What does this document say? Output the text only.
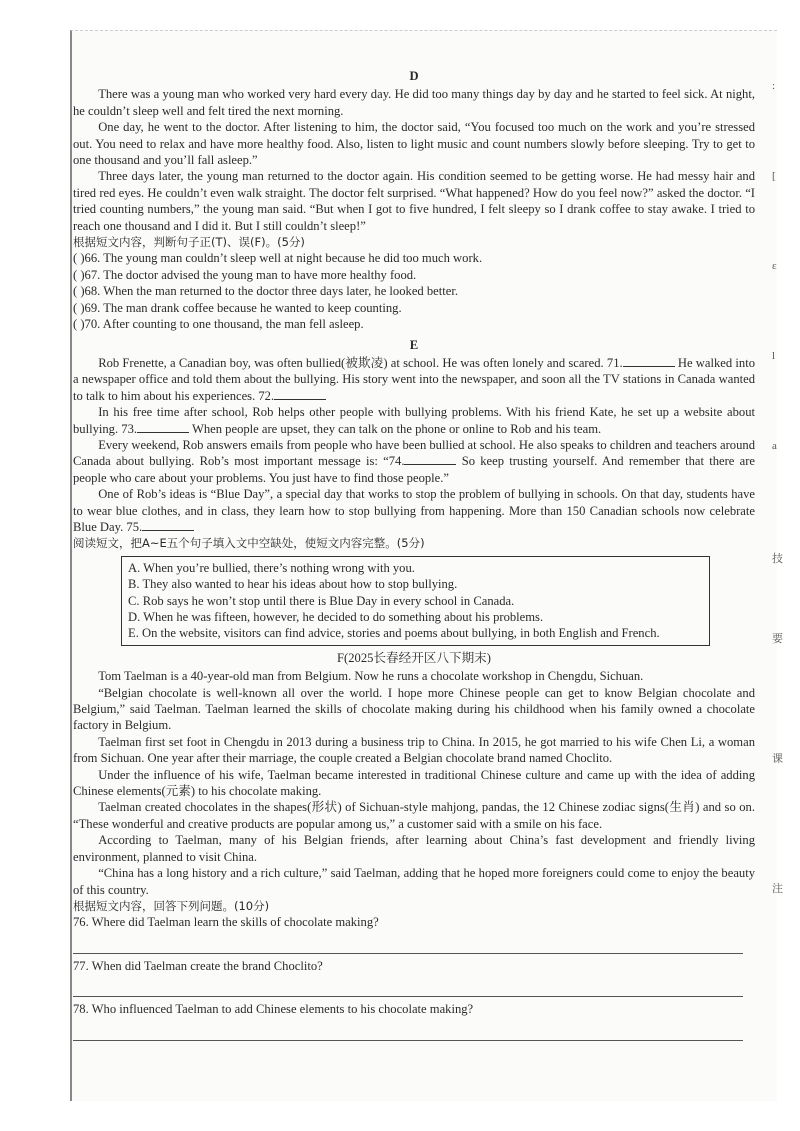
:
[
ε
l
a
技
要
课
注

D

There was a young man who worked very hard every day. He did too many things day by day and he started to feel sick. At night, he couldn’t sleep well and felt tired the next morning.

One day, he went to the doctor. After listening to him, the doctor said, “You focused too much on the work and you’re stressed out. You need to relax and have more healthy food. Also, listen to light music and count numbers slowly before sleeping. Try to get to one thousand and you’ll fall asleep.”

Three days later, the young man returned to the doctor again. His condition seemed to be getting worse. He had messy hair and tired red eyes. He couldn’t even walk straight. The doctor felt surprised. “What happened? How do you feel now?” asked the doctor. “I tried counting numbers,” the young man said. “But when I got to five hundred, I felt sleepy so I drank coffee to stay awake. I tried to reach one thousand and I did it. But I still couldn’t sleep!”

根据短文内容，判断句子正(T)、误(F)。(5分)

( )66. The young man couldn’t sleep well at night because he did too much work.

( )67. The doctor advised the young man to have more healthy food.

( )68. When the man returned to the doctor three days later, he looked better.

( )69. The man drank coffee because he wanted to keep counting.

( )70. After counting to one thousand, the man fell asleep.

E

Rob Frenette, a Canadian boy, was often bullied(被欺凌) at school. He was often lonely and scared. 71.	He walked into a newspaper office and told them about the bullying. His story went into the newspaper, and soon all the TV stations in Canada wanted to talk to him about his experiences. 72.

In his free time after school, Rob helps other people with bullying problems. With his friend Kate, he set up a website about bullying. 73.	When people are upset, they can talk on the phone or online to Rob and his team.

Every weekend, Rob answers emails from people who have been bullied at school. He also speaks to children and teachers around Canada about bullying. Rob’s most important message is: “74.	So keep trusting yourself. And remember that there are people who care about your problems. You just have to find those people.”

One of Rob’s ideas is “Blue Day”, a special day that works to stop the problem of bullying in schools. On that day, students have to wear blue clothes, and in class, they learn how to stop bullying from happening. More than 150 Canadian schools now celebrate Blue Day. 75.

阅读短文，把A~E五个句子填入文中空缺处，使短文内容完整。(5分)

A. When you’re bullied, there’s nothing wrong with you.

B. They also wanted to hear his ideas about how to stop bullying.

C. Rob says he won’t stop until there is Blue Day in every school in Canada.

D. When he was fifteen, however, he decided to do something about his problems.

E. On the website, visitors can find advice, stories and poems about bullying, in both English and French.

F(2025长春经开区八下期末)

Tom Taelman is a 40-year-old man from Belgium. Now he runs a chocolate workshop in Chengdu, Sichuan.

“Belgian chocolate is well-known all over the world. I hope more Chinese people can get to know Belgian chocolate and Belgium,” said Taelman. Taelman learned the skills of chocolate making during his childhood when his family owned a chocolate factory in Belgium.

Taelman first set foot in Chengdu in 2013 during a business trip to China. In 2015, he got married to his wife Chen Li, a woman from Sichuan. One year after their marriage, the couple created a Belgian chocolate brand named Choclito.

Under the influence of his wife, Taelman became interested in traditional Chinese culture and came up with the idea of adding Chinese elements(元素) to his chocolate making.

Taelman created chocolates in the shapes(形状) of Sichuan-style mahjong, pandas, the 12 Chinese zodiac signs(生肖) and so on. “These wonderful and creative products are popular among us,” a customer said with a smile on his face.

According to Taelman, many of his Belgian friends, after learning about China’s fast development and friendly living environment, planned to visit China.

“China has a long history and a rich culture,” said Taelman, adding that he hoped more foreigners could come to enjoy the beauty of this country.

根据短文内容，回答下列问题。(10分)

76. Where did Taelman learn the skills of chocolate making?

77. When did Taelman create the brand Choclito?

78. Who influenced Taelman to add Chinese elements to his chocolate making?
